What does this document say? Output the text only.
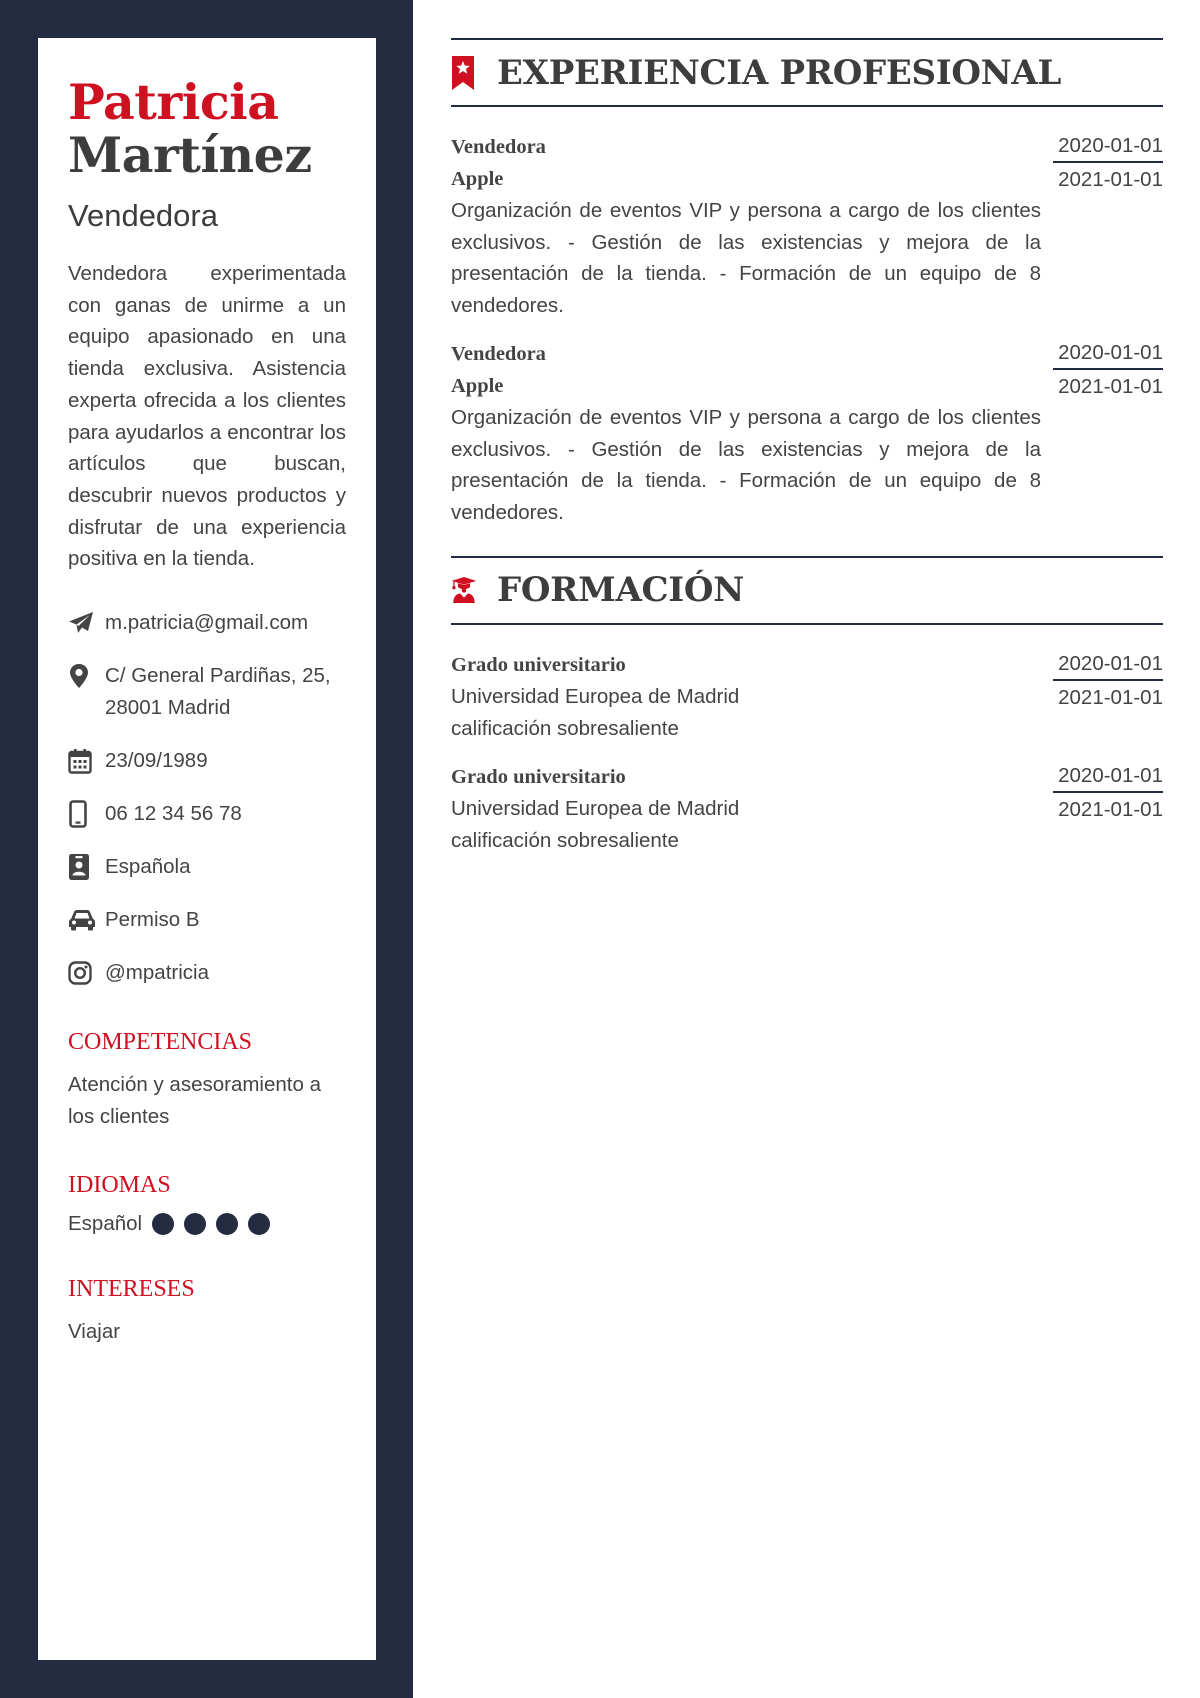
Patricia
Martínez
Vendedora
Vendedora experimentada con ganas de unirme a un equipo apasionado en una tienda exclusiva. Asistencia experta ofrecida a los clientes para ayudarlos a encontrar los artículos que buscan, descubrir nuevos productos y disfrutar de una experiencia positiva en la tienda.
m.patricia@gmail.com
C/ General Pardiñas, 25, 28001 Madrid
23/09/1989
06 12 34 56 78
Española
Permiso B
@mpatricia
COMPETENCIAS
Atención y asesoramiento a los clientes
IDIOMAS
Español
INTERESES
Viajar
EXPERIENCIA PROFESIONAL
Vendedora
Apple
Organización de eventos VIP y persona a cargo de los clientes exclusivos. - Gestión de las existencias y mejora de la presentación de la tienda. - Formación de un equipo de 8 vendedores.
2020-01-01
2021-01-01
Vendedora
Apple
Organización de eventos VIP y persona a cargo de los clientes exclusivos. - Gestión de las existencias y mejora de la presentación de la tienda. - Formación de un equipo de 8 vendedores.
2020-01-01
2021-01-01
FORMACIÓN
Grado universitario
Universidad Europea de Madrid
calificación sobresaliente
2020-01-01
2021-01-01
Grado universitario
Universidad Europea de Madrid
calificación sobresaliente
2020-01-01
2021-01-01
